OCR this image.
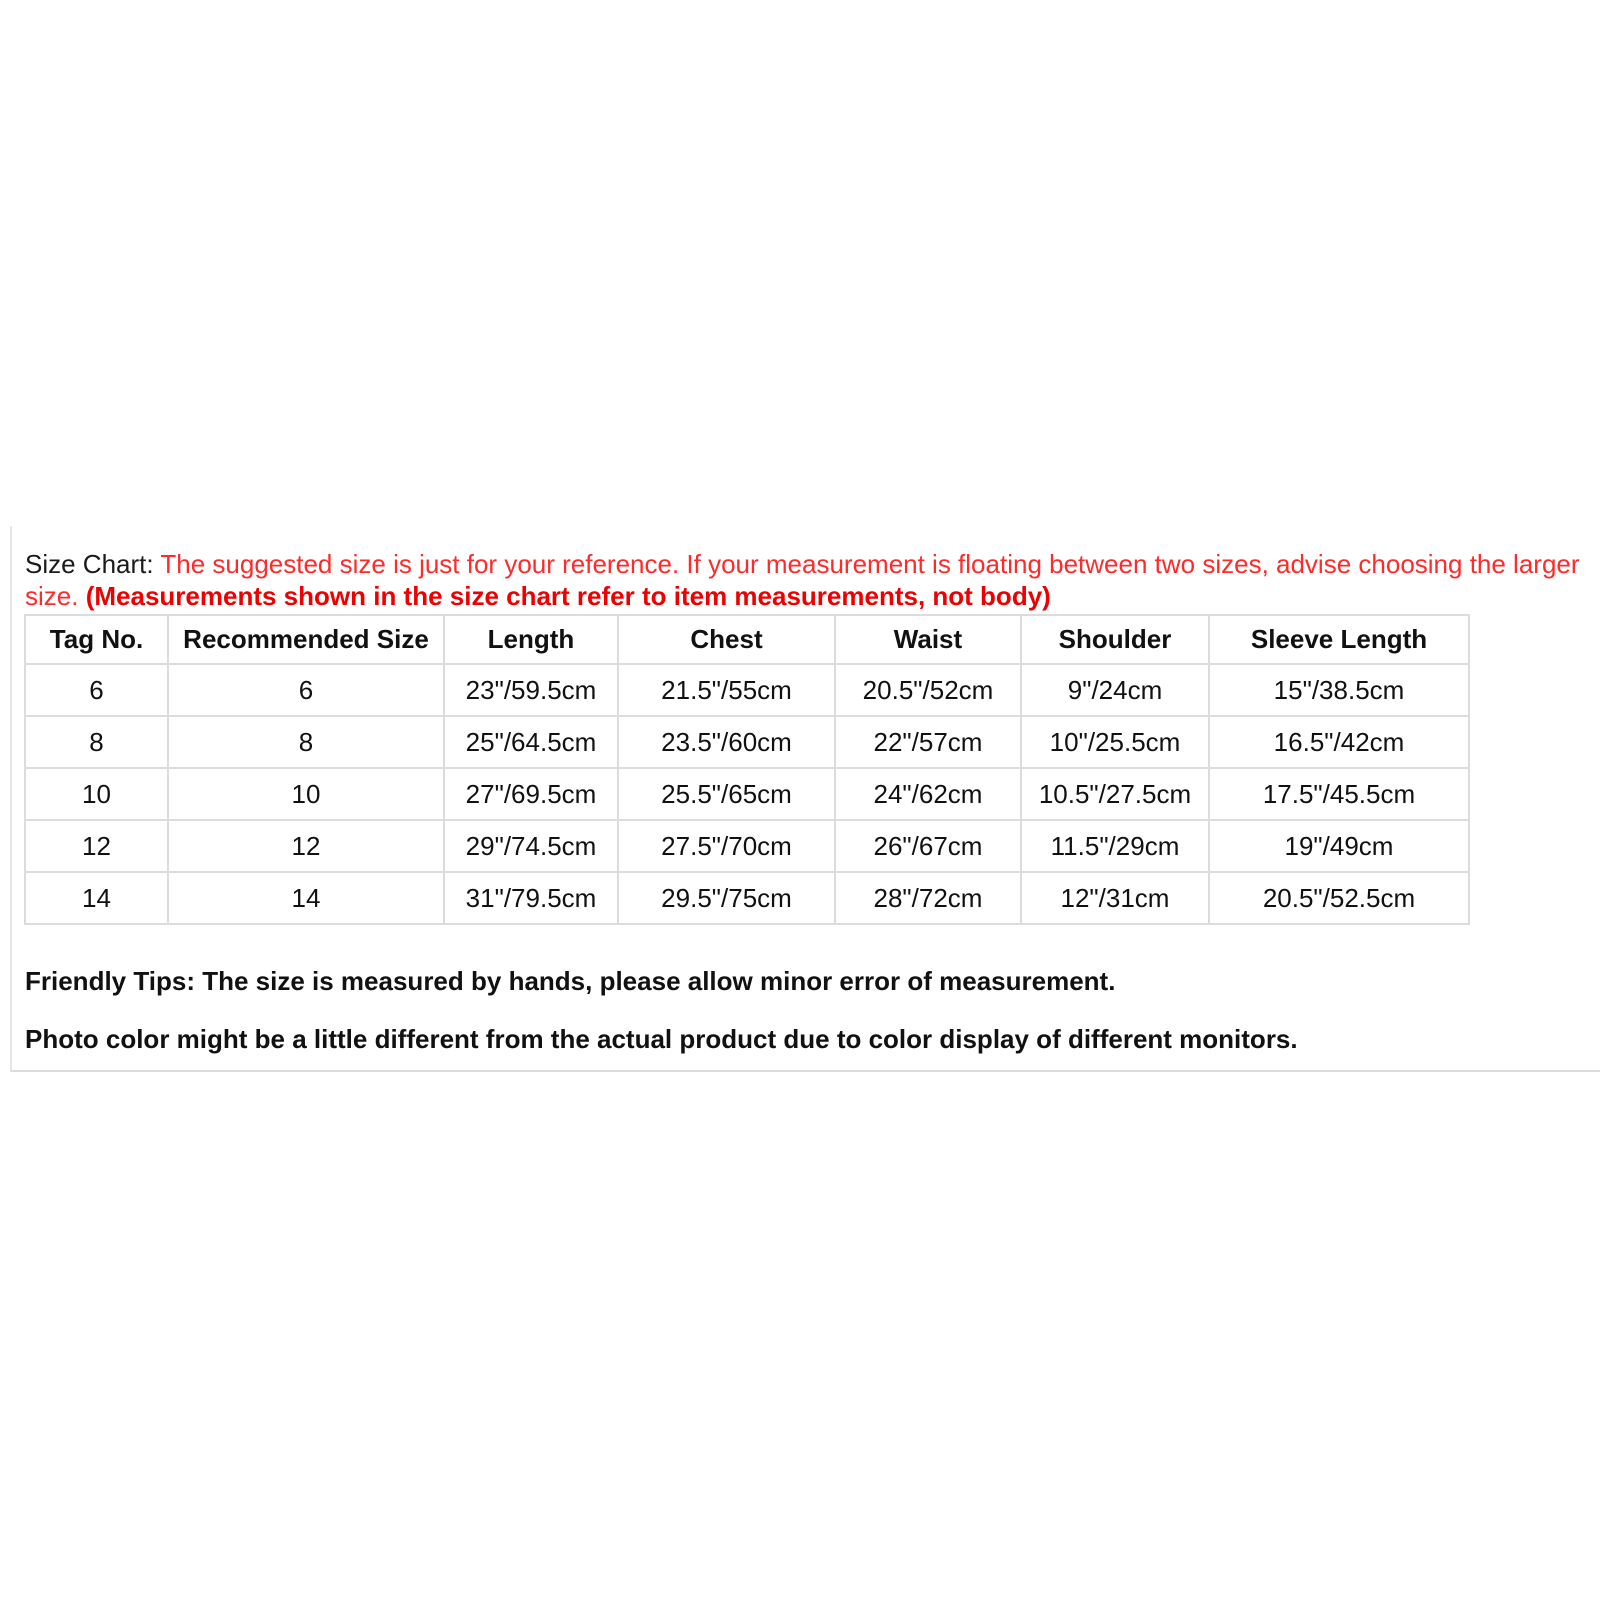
Size Chart: The suggested size is just for your reference. If your measurement is floating between two sizes, advise choosing the larger size. (Measurements shown in the size chart refer to item measurements, not body)
Tag No.	Recommended Size	Length	Chest	Waist	Shoulder	Sleeve Length
6	6	23"/59.5cm	21.5"/55cm	20.5"/52cm	9"/24cm	15"/38.5cm
8	8	25"/64.5cm	23.5"/60cm	22"/57cm	10"/25.5cm	16.5"/42cm
10	10	27"/69.5cm	25.5"/65cm	24"/62cm	10.5"/27.5cm	17.5"/45.5cm
12	12	29"/74.5cm	27.5"/70cm	26"/67cm	11.5"/29cm	19"/49cm
14	14	31"/79.5cm	29.5"/75cm	28"/72cm	12"/31cm	20.5"/52.5cm
Friendly Tips: The size is measured by hands, please allow minor error of measurement.
Photo color might be a little different from the actual product due to color display of different monitors.
